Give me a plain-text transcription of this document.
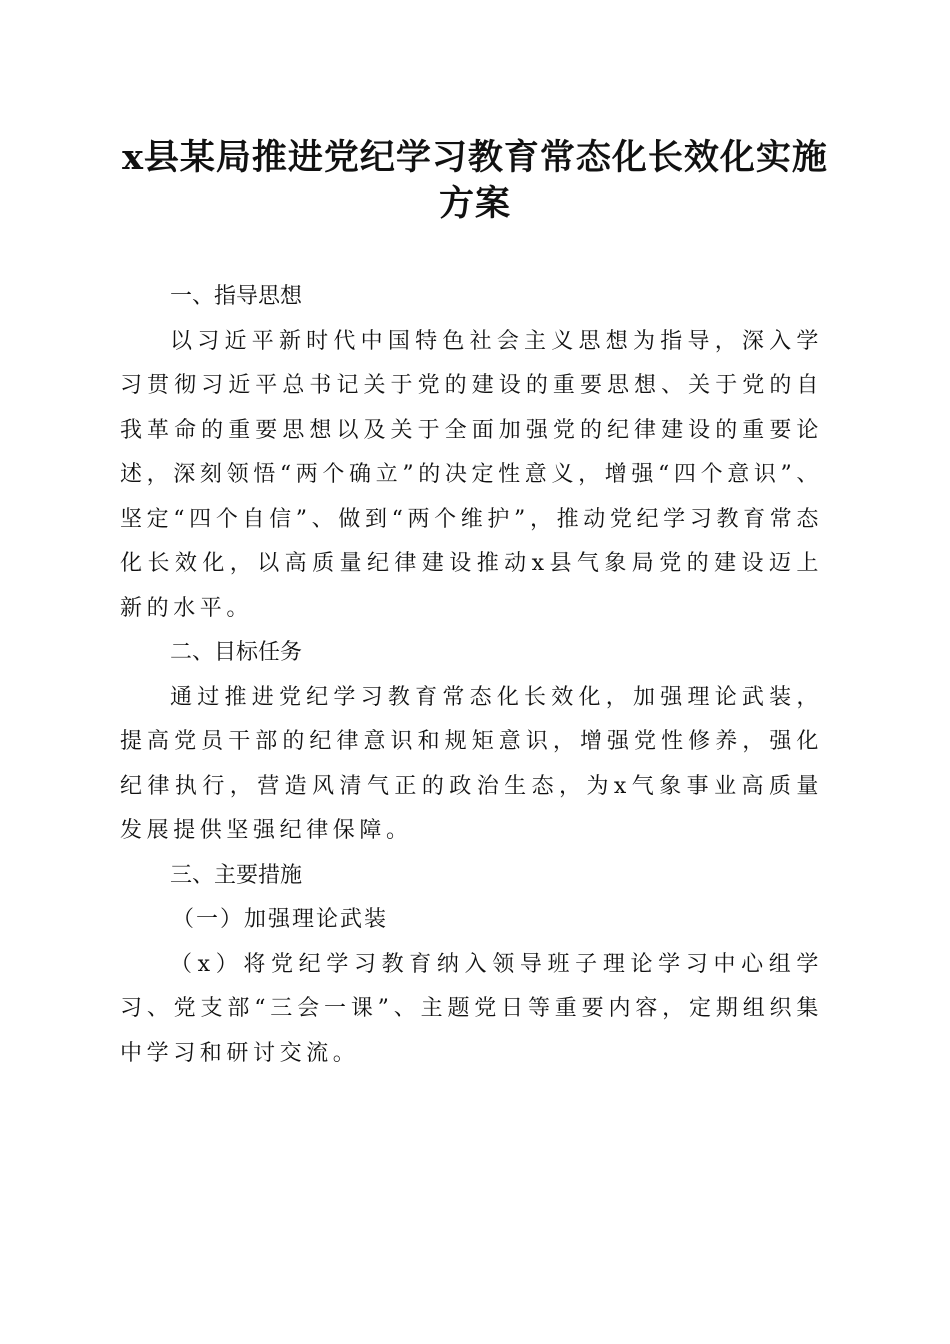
x县某局推进党纪学习教育常态化长效化实施方案
一、指导思想

以习近平新时代中国特色社会主义思想为指导，深入学习贯彻习近平总书记关于党的建设的重要思想、关于党的自我革命的重要思想以及关于全面加强党的纪律建设的重要论述，深刻领悟“两个确立”的决定性意义，增强“四个意识”、坚定“四个自信”、做到“两个维护”，推动党纪学习教育常态化长效化，以高质量纪律建设推动x县气象局党的建设迈上新的水平。

二、目标任务

通过推进党纪学习教育常态化长效化，加强理论武装，提高党员干部的纪律意识和规矩意识，增强党性修养，强化纪律执行，营造风清气正的政治生态，为x气象事业高质量发展提供坚强纪律保障。

三、主要措施

（一）加强理论武装

（x）将党纪学习教育纳入领导班子理论学习中心组学习、党支部“三会一课”、主题党日等重要内容，定期组织集中学习和研讨交流。
